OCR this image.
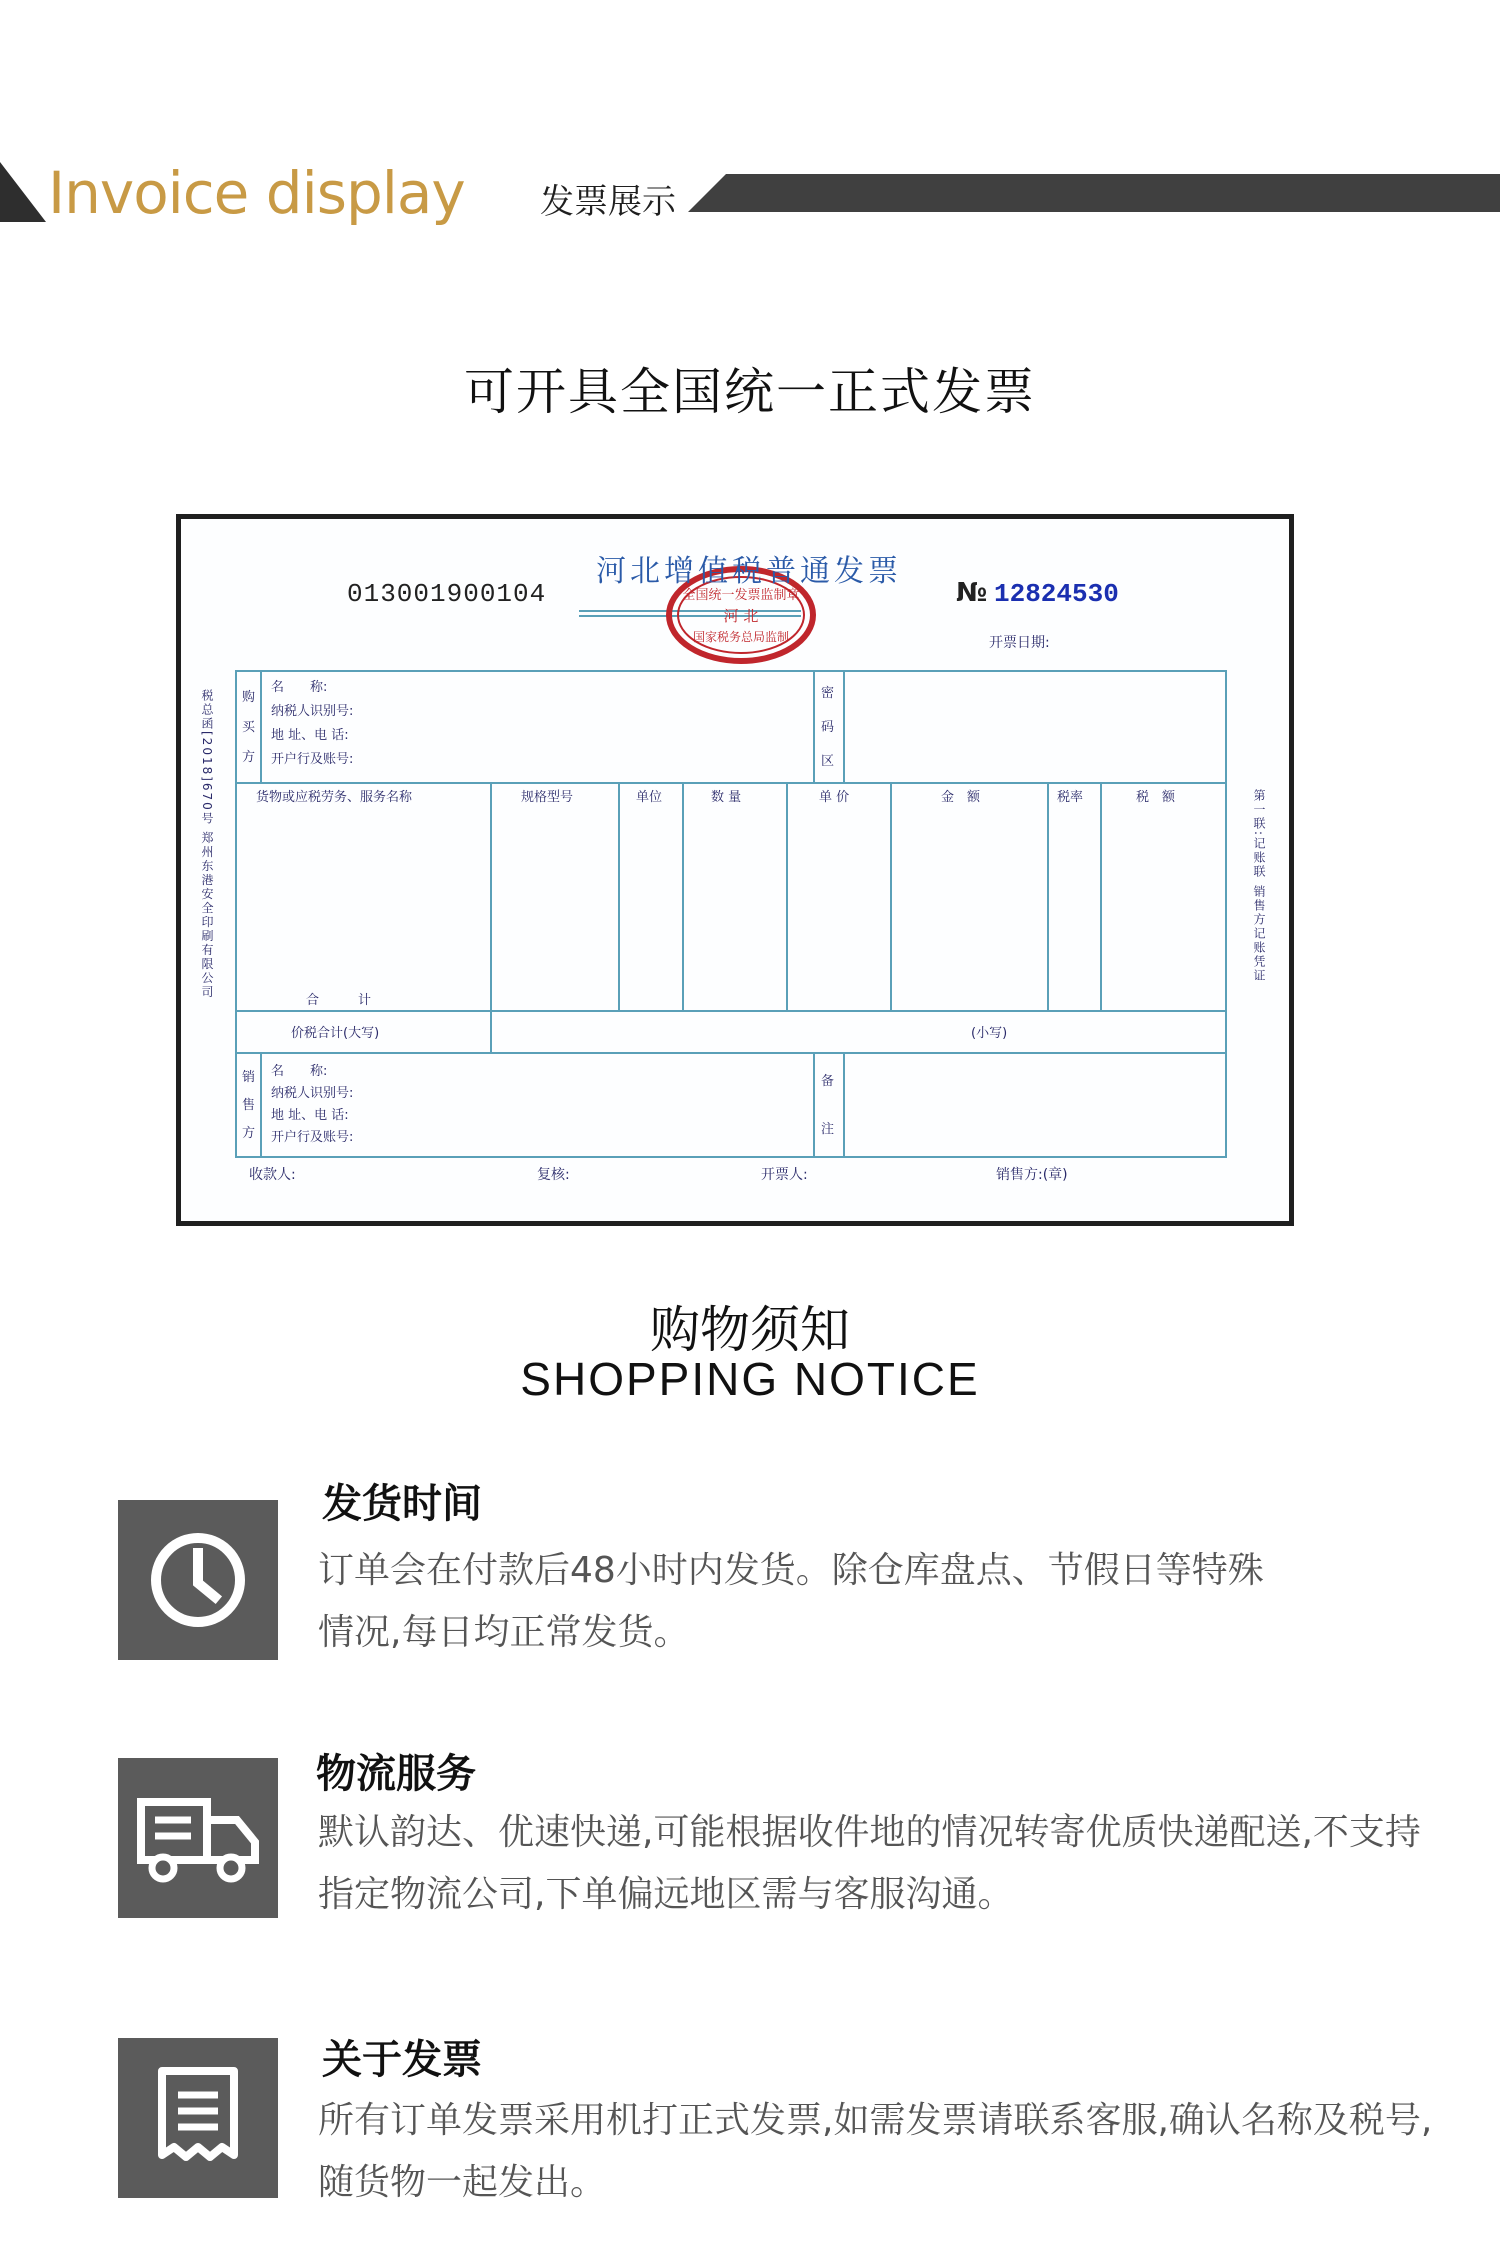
Invoice display 发票展示
可开具全国统一正式发票
全国统一发票监制章
河 北
国家税务总局监制
013001900104
河北增值税普通发票
№ 12824530
开票日期:
购
买
方
名　　称:
纳税人识别号:
地 址、电 话:
开户行及账号:
密
码
区
货物或应税劳务、服务名称	规格型号	单位	数 量	单 价	金　额	税率	税　额
合　　　计
价税合计(大写)	(小写)
销
售
方
名　　称:
纳税人识别号:
地 址、电 话:
开户行及账号:
备
注
收款人:	复核:	开票人:	销售方:(章)
税总函[2018]670号 郑州东港安全印刷有限公司	第一联:记账联 销售方记账凭证
购物须知
SHOPPING NOTICE
发货时间
订单会在付款后48小时内发货。除仓库盘点、节假日等特殊
情况,每日均正常发货。
物流服务
默认韵达、优速快递,可能根据收件地的情况转寄优质快递配送,不支持
指定物流公司,下单偏远地区需与客服沟通。
关于发票
所有订单发票采用机打正式发票,如需发票请联系客服,确认名称及税号,
随货物一起发出。
